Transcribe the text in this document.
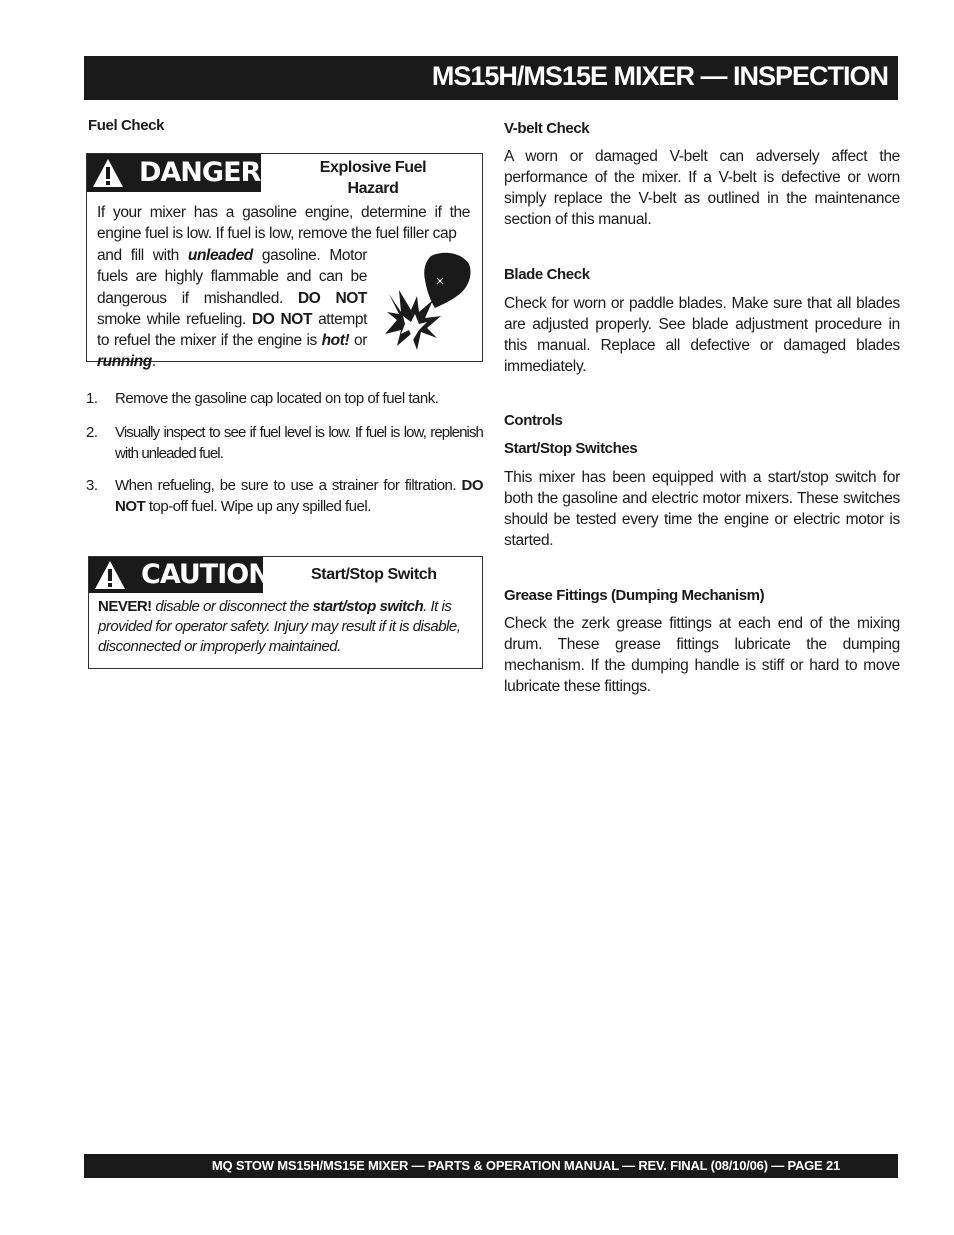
MS15H/MS15E MIXER — INSPECTION
Fuel Check
DANGER	Explosive Fuel
Hazard
If your mixer has a gasoline engine, determine if the engine fuel is low. If fuel is low, remove the fuel filler cap
and fill with unleaded gasoline. Motor fuels are highly flammable and can be dangerous if mishandled. DO NOT smoke while refueling. DO NOT attempt to refuel the mixer if the engine is hot! or running.
1. Remove the gasoline cap located on top of fuel tank.
2. Visually inspect to see if fuel level is low. If fuel is low, replenish with unleaded fuel.
3. When refueling, be sure to use a strainer for filtration. DO NOT top-off fuel. Wipe up any spilled fuel.
CAUTION	Start/Stop Switch
NEVER! disable or disconnect the start/stop switch. It is provided for operator safety. Injury may result if it is disable, disconnected or improperly maintained.
V-belt Check
A worn or damaged V-belt can adversely affect the performance of the mixer. If a V-belt is defective or worn simply replace the V-belt as outlined in the maintenance section of this manual.
Blade Check
Check for worn or paddle blades. Make sure that all blades are adjusted properly. See blade adjustment procedure in this manual. Replace all defective or damaged blades immediately.
Controls
Start/Stop Switches
This mixer has been equipped with a start/stop switch for both the gasoline and electric motor mixers. These switches should be tested every time the engine or electric motor is started.
Grease Fittings (Dumping Mechanism)
Check the zerk grease fittings at each end of the mixing drum. These grease fittings lubricate the dumping mechanism. If the dumping handle is stiff or hard to move lubricate these fittings.
MQ STOW MS15H/MS15E MIXER — PARTS & OPERATION MANUAL — REV. FINAL (08/10/06) — PAGE 21
